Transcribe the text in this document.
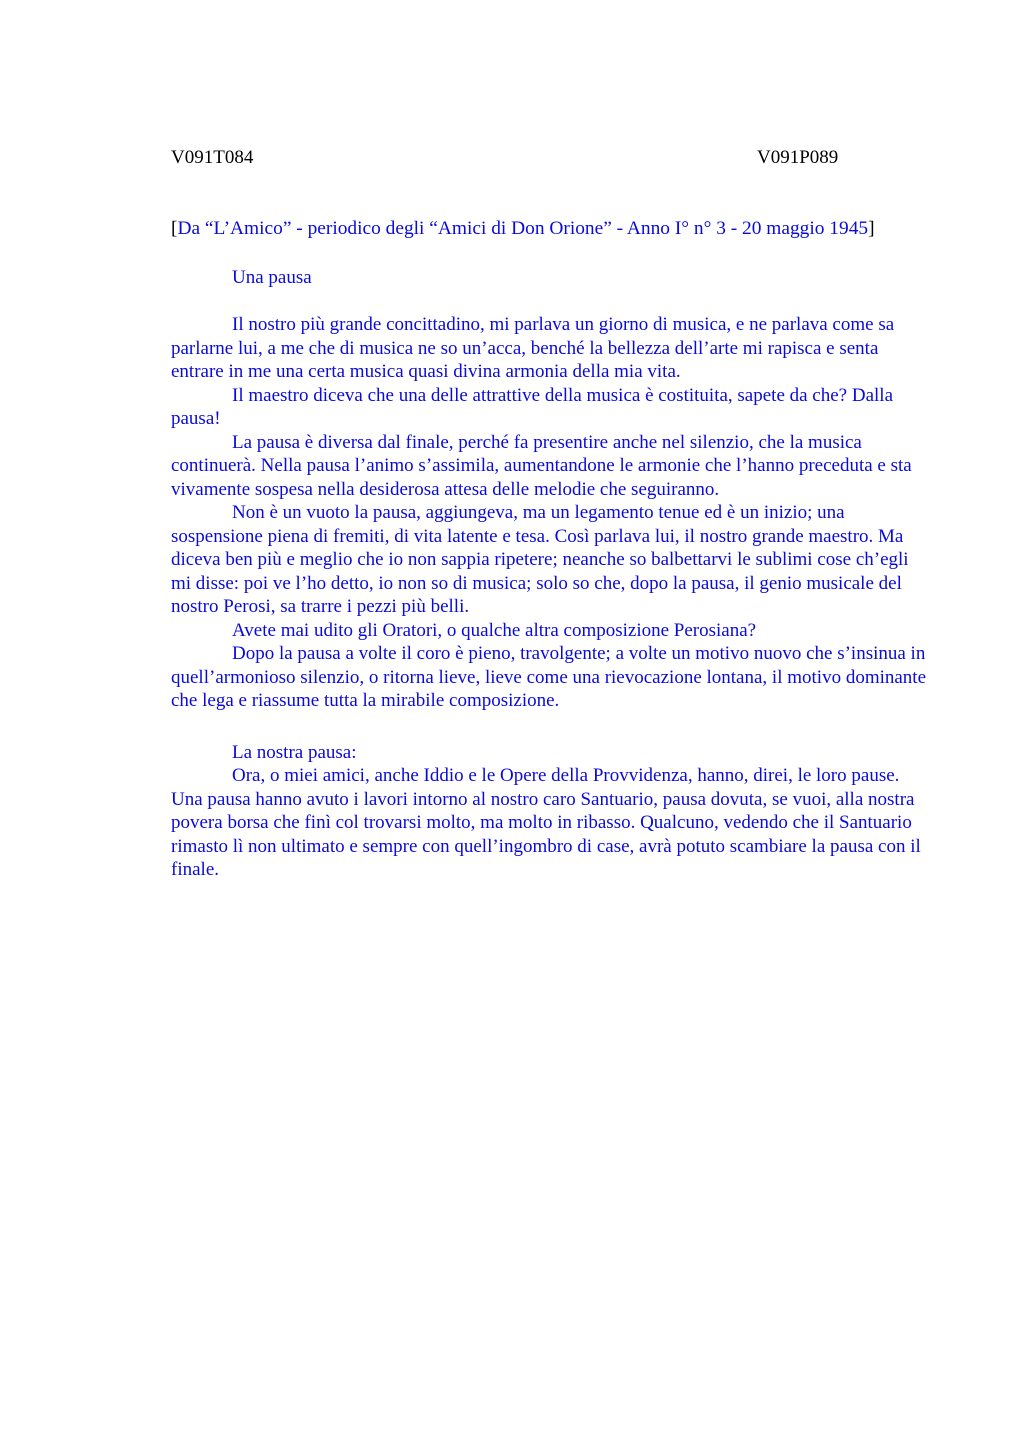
V091T084	V091P089
[Da “L’Amico” - periodico degli “Amici di Don Orione” - Anno I° n° 3 - 20 maggio 1945]
Una pausa

Il nostro più grande concittadino, mi parlava un giorno di musica, e ne parlava come sa parlarne lui, a me che di musica ne so un’acca, benché la bellezza dell’arte mi rapisca e senta entrare in me una certa musica quasi divina armonia della mia vita.

Il maestro diceva che una delle attrattive della musica è costituita, sapete da che? Dalla pausa!

La pausa è diversa dal finale, perché fa presentire anche nel silenzio, che la musica continuerà. Nella pausa l’animo s’assimila, aumentandone le armonie che l’hanno preceduta e sta vivamente sospesa nella desiderosa attesa delle melodie che seguiranno.

Non è un vuoto la pausa, aggiungeva, ma un legamento tenue ed è un inizio; una sospensione piena di fremiti, di vita latente e tesa. Così parlava lui, il nostro grande maestro. Ma diceva ben più e meglio che io non sappia ripetere; neanche so balbettarvi le sublimi cose ch’egli mi disse: poi ve l’ho detto, io non so di musica; solo so che, dopo la pausa, il genio musicale del nostro Perosi, sa trarre i pezzi più belli.

Avete mai udito gli Oratori, o qualche altra composizione Perosiana?

Dopo la pausa a volte il coro è pieno, travolgente; a volte un motivo nuovo che s’insinua in quell’armonioso silenzio, o ritorna lieve, lieve come una rievocazione lontana, il motivo dominante che lega e riassume tutta la mirabile composizione.

La nostra pausa:

Ora, o miei amici, anche Iddio e le Opere della Provvidenza, hanno, direi, le loro pause. Una pausa hanno avuto i lavori intorno al nostro caro Santuario, pausa dovuta, se vuoi, alla nostra povera borsa che finì col trovarsi molto, ma molto in ribasso. Qualcuno, vedendo che il Santuario rimasto lì non ultimato e sempre con quell’ingombro di case, avrà potuto scambiare la pausa con il finale.
